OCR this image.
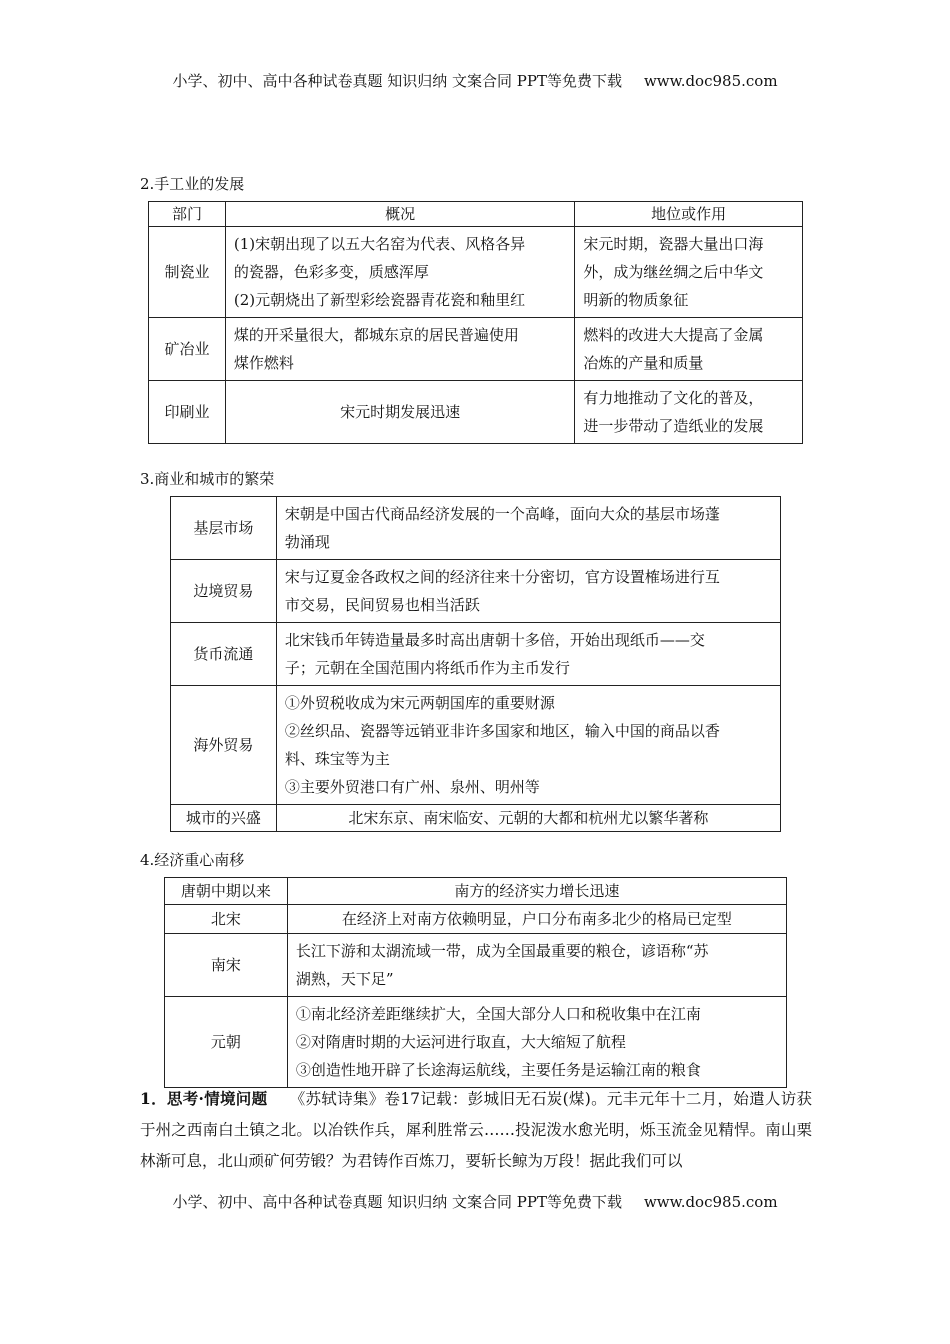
小学、初中、高中各种试卷真题 知识归纳 文案合同 PPT等免费下载 www.doc985.com
2.手工业的发展
部门	概况	地位或作用
制瓷业	(1)宋朝出现了以五大名窑为代表、风格各异
的瓷器，色彩多变，质感浑厚
(2)元朝烧出了新型彩绘瓷器青花瓷和釉里红	宋元时期，瓷器大量出口海
外，成为继丝绸之后中华文
明新的物质象征

矿冶业	煤的开采量很大，都城东京的居民普遍使用
煤作燃料	燃料的改进大大提高了金属
冶炼的产量和质量

印刷业	宋元时期发展迅速	有力地推动了文化的普及，
进一步带动了造纸业的发展
3.商业和城市的繁荣
基层市场	宋朝是中国古代商品经济发展的一个高峰，面向大众的基层市场蓬
勃涌现

边境贸易	宋与辽夏金各政权之间的经济往来十分密切，官方设置榷场进行互
市交易，民间贸易也相当活跃

货币流通	北宋钱币年铸造量最多时高出唐朝十多倍，开始出现纸币——交
子；元朝在全国范围内将纸币作为主币发行

海外贸易	①外贸税收成为宋元两朝国库的重要财源
②丝织品、瓷器等远销亚非许多国家和地区，输入中国的商品以香
料、珠宝等为主
③主要外贸港口有广州、泉州、明州等

城市的兴盛	北宋东京、南宋临安、元朝的大都和杭州尤以繁华著称
4.经济重心南移
唐朝中期以来	南方的经济实力增长迅速

北宋	在经济上对南方依赖明显，户口分布南多北少的格局已定型

南宋	长江下游和太湖流域一带，成为全国最重要的粮仓，谚语称“苏
湖熟，天下足”

元朝	①南北经济差距继续扩大，全国大部分人口和税收集中在江南
②对隋唐时期的大运河进行取直，大大缩短了航程
③创造性地开辟了长途海运航线，主要任务是运输江南的粮食
1．思考·情境问题 《苏轼诗集》卷17记载：彭城旧无石炭(煤)。元丰元年十二月，始遣人访获于州之西南白土镇之北。以冶铁作兵，犀利胜常云……投泥泼水愈光明，烁玉流金见精悍。南山栗林渐可息，北山顽矿何劳锻？为君铸作百炼刀，要斩长鲸为万段！据此我们可以
小学、初中、高中各种试卷真题 知识归纳 文案合同 PPT等免费下载 www.doc985.com
